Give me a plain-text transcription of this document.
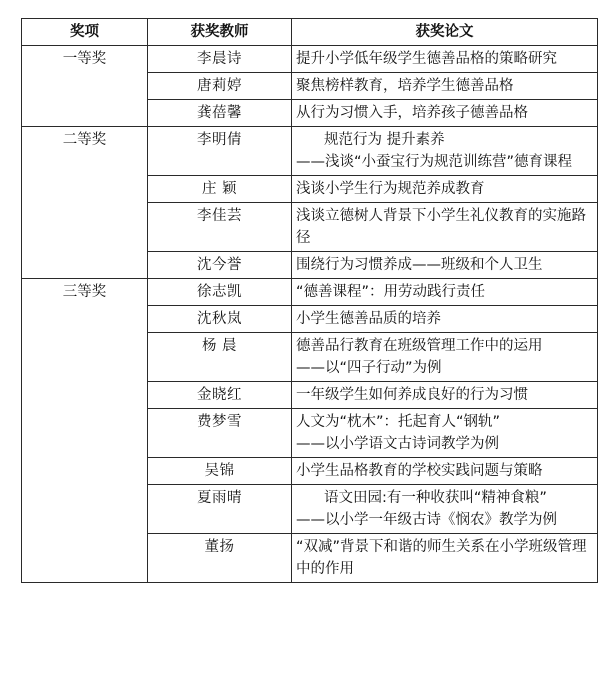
奖项	获奖教师	获奖论文
一等奖	李晨诗	提升小学低年级学生德善品格的策略研究

	唐莉婷	聚焦榜样教育，培养学生德善品格

	龚蓓馨	从行为习惯入手，培养孩子德善品格

二等奖	李明倩	规范行为 提升素养
——浅谈“小蚕宝行为规范训练营”德育课程

	庄 颖	浅谈小学生行为规范养成教育

	李佳芸	浅谈立德树人背景下小学生礼仪教育的实施路径

	沈今誉	围绕行为习惯养成——班级和个人卫生

三等奖	徐志凯	“德善课程”：用劳动践行责任

	沈秋岚	小学生德善品质的培养

	杨 晨	德善品行教育在班级管理工作中的运用
——以“四子行动”为例

	金晓红	一年级学生如何养成良好的行为习惯

	费梦雪	人文为“枕木”：托起育人“钢轨”
——以小学语文古诗词教学为例

	吴锦	小学生品格教育的学校实践问题与策略

	夏雨晴	语文田园:有一种收获叫“精神食粮”
——以小学一年级古诗《悯农》教学为例

	董扬	“双减”背景下和谐的师生关系在小学班级管理中的作用
